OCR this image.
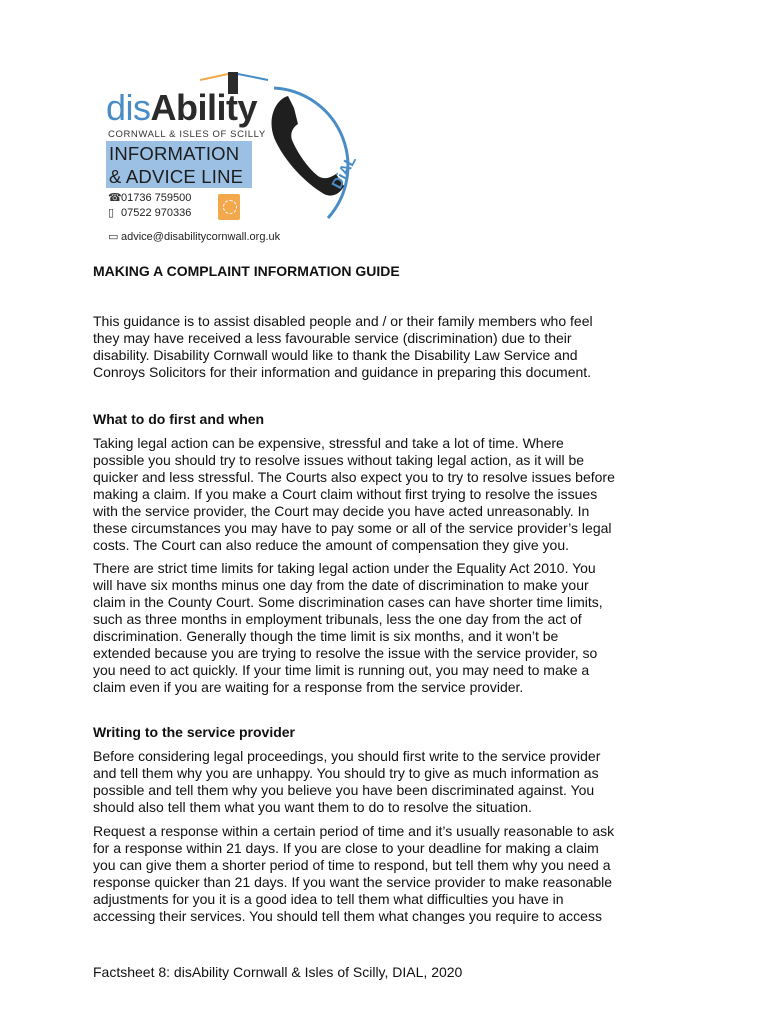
DiAL
disAbility
CORNWALL & ISLES OF SCILLY
INFORMATION
& ADVICE LINE
☎01736 759500
▯ 07522 970336
▭ advice@disabilitycornwall.org.uk
MAKING A COMPLAINT INFORMATION GUIDE
This guidance is to assist disabled people and / or their family members who feel
they may have received a less favourable service (discrimination) due to their
disability. Disability Cornwall would like to thank the Disability Law Service and
Conroys Solicitors for their information and guidance in preparing this document.
What to do first and when
Taking legal action can be expensive, stressful and take a lot of time. Where
possible you should try to resolve issues without taking legal action, as it will be
quicker and less stressful. The Courts also expect you to try to resolve issues before
making a claim. If you make a Court claim without first trying to resolve the issues
with the service provider, the Court may decide you have acted unreasonably. In
these circumstances you may have to pay some or all of the service provider’s legal
costs. The Court can also reduce the amount of compensation they give you.
There are strict time limits for taking legal action under the Equality Act 2010. You
will have six months minus one day from the date of discrimination to make your
claim in the County Court. Some discrimination cases can have shorter time limits,
such as three months in employment tribunals, less the one day from the act of
discrimination. Generally though the time limit is six months, and it won’t be
extended because you are trying to resolve the issue with the service provider, so
you need to act quickly. If your time limit is running out, you may need to make a
claim even if you are waiting for a response from the service provider.
Writing to the service provider
Before considering legal proceedings, you should first write to the service provider
and tell them why you are unhappy. You should try to give as much information as
possible and tell them why you believe you have been discriminated against. You
should also tell them what you want them to do to resolve the situation.
Request a response within a certain period of time and it’s usually reasonable to ask
for a response within 21 days. If you are close to your deadline for making a claim
you can give them a shorter period of time to respond, but tell them why you need a
response quicker than 21 days. If you want the service provider to make reasonable
adjustments for you it is a good idea to tell them what difficulties you have in
accessing their services. You should tell them what changes you require to access
Factsheet 8: disAbility Cornwall & Isles of Scilly, DIAL, 2020
